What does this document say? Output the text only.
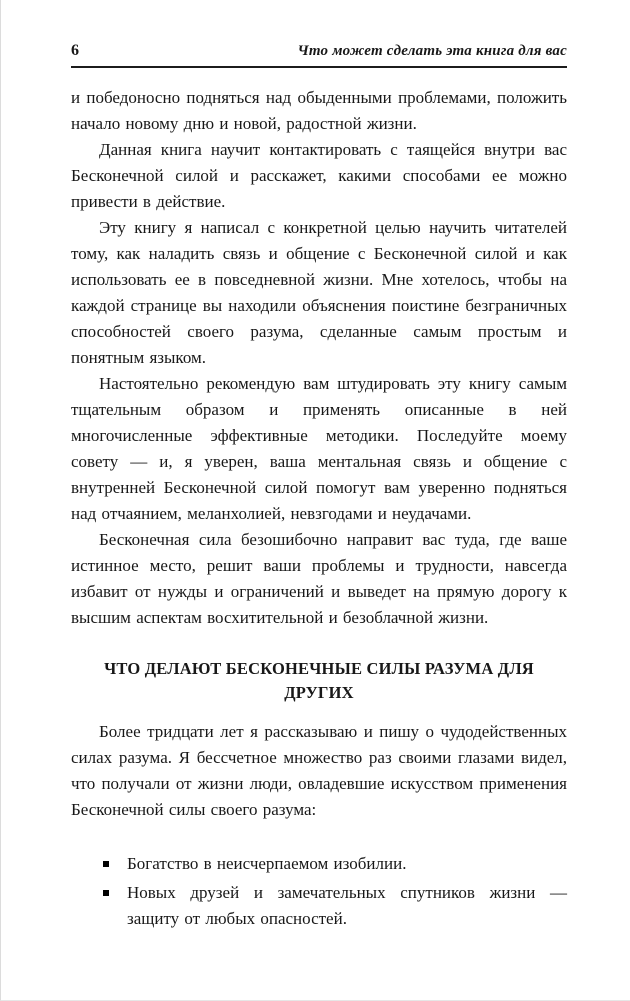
6	Что может сделать эта книга для вас

и победоносно подняться над обыденными проблемами, положить начало новому дню и новой, радостной жизни.

Данная книга научит контактировать с таящейся внутри вас Бесконечной силой и расскажет, какими способами ее можно привести в действие.

Эту книгу я написал с конкретной целью научить читателей тому, как наладить связь и общение с Бесконечной силой и как использовать ее в повседневной жизни. Мне хотелось, чтобы на каждой странице вы находили объяснения поистине безграничных способностей своего разума, сделанные самым простым и понятным языком.

Настоятельно рекомендую вам штудировать эту книгу самым тщательным образом и применять описанные в ней многочисленные эффективные методики. Последуйте моему совету — и, я уверен, ваша ментальная связь и общение с внутренней Бесконечной силой помогут вам уверенно подняться над отчаянием, меланхолией, невзгодами и неудачами.

Бесконечная сила безошибочно направит вас туда, где ваше истинное место, решит ваши проблемы и трудности, навсегда избавит от нужды и ограничений и выведет на прямую дорогу к высшим аспектам восхитительной и безоблачной жизни.

ЧТО ДЕЛАЮТ БЕСКОНЕЧНЫЕ СИЛЫ РАЗУМА ДЛЯ ДРУГИХ

Более тридцати лет я рассказываю и пишу о чудодейственных силах разума. Я бессчетное множество раз своими глазами видел, что получали от жизни люди, овладевшие искусством применения Бесконечной силы своего разума:

Богатство в неисчерпаемом изобилии.
Новых друзей и замечательных спутников жизни — защиту от любых опасностей.
